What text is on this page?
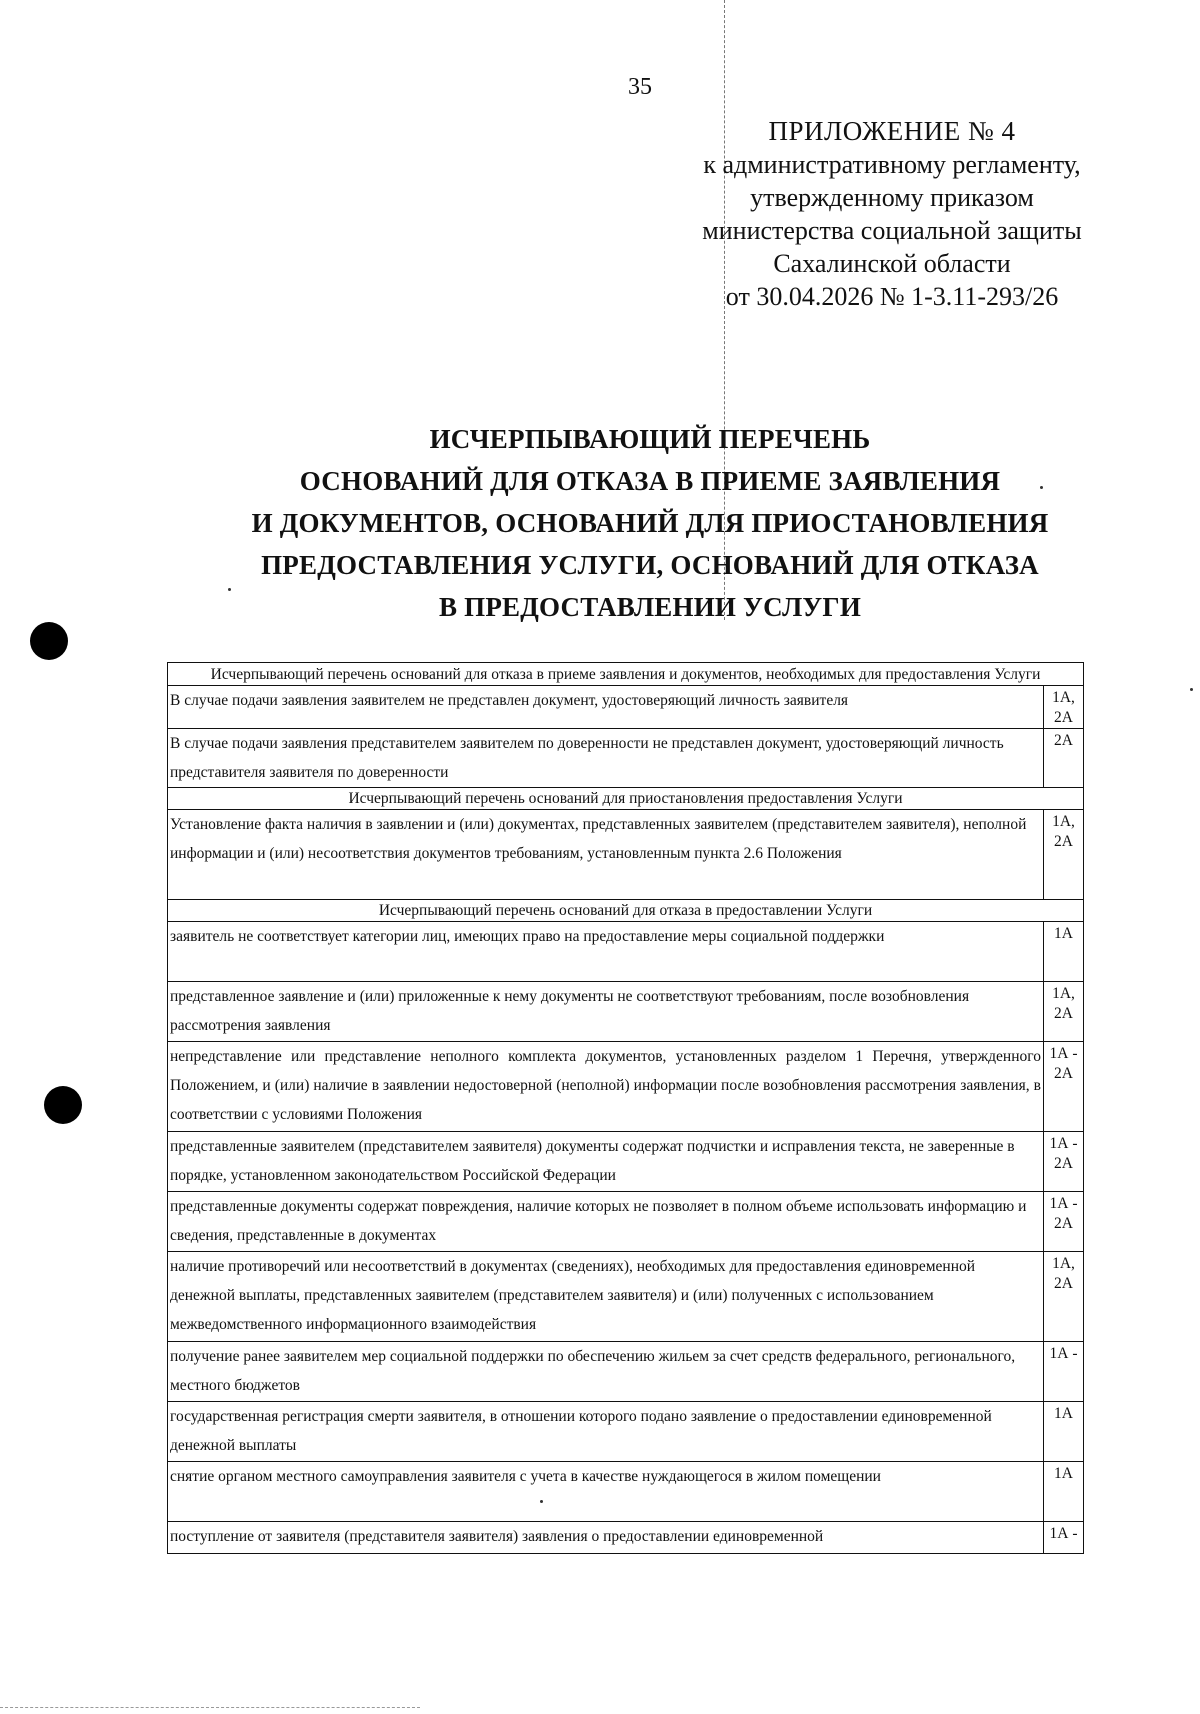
35
ПРИЛОЖЕНИЕ № 4
к административному регламенту,
утвержденному приказом
министерства социальной защиты
Сахалинской области
от 30.04.2026 № 1-3.11-293/26
ИСЧЕРПЫВАЮЩИЙ ПЕРЕЧЕНЬ
ОСНОВАНИЙ ДЛЯ ОТКАЗА В ПРИЕМЕ ЗАЯВЛЕНИЯ
И ДОКУМЕНТОВ, ОСНОВАНИЙ ДЛЯ ПРИОСТАНОВЛЕНИЯ
ПРЕДОСТАВЛЕНИЯ УСЛУГИ, ОСНОВАНИЙ ДЛЯ ОТКАЗА
В ПРЕДОСТАВЛЕНИИ УСЛУГИ
Исчерпывающий перечень оснований для отказа в приеме заявления и документов, необходимых для предоставления Услуги	
В случае подачи заявления заявителем не представлен документ, удостоверяющий личность заявителя	1А, 2А
В случае подачи заявления представителем заявителем по доверенности не представлен документ, удостоверяющий личность представителя заявителя по доверенности	2А
Исчерпывающий перечень оснований для приостановления предоставления Услуги	
Установление факта наличия в заявлении и (или) документах, представленных заявителем (представителем заявителя), неполной информации и (или) несоответствия документов требованиям, установленным пункта 2.6 Положения	1А, 2А
Исчерпывающий перечень оснований для отказа в предоставлении Услуги	
заявитель не соответствует категории лиц, имеющих право на предоставление меры социальной поддержки	1А
представленное заявление и (или) приложенные к нему документы не соответствуют требованиям, после возобновления рассмотрения заявления	1А, 2А
непредставление или представление неполного комплекта документов, установленных разделом 1 Перечня, утвержденного Положением, и (или) наличие в заявлении недостоверной (неполной) информации после возобновления рассмотрения заявления, в соответствии с условиями Положения	1А - 2А
представленные заявителем (представителем заявителя) документы содержат подчистки и исправления текста, не заверенные в порядке, установленном законодательством Российской Федерации	1А - 2А
представленные документы содержат повреждения, наличие которых не позволяет в полном объеме использовать информацию и сведения, представленные в документах	1А - 2А
наличие противоречий или несоответствий в документах (сведениях), необходимых для предоставления единовременной денежной выплаты, представленных заявителем (представителем заявителя) и (или) полученных с использованием межведомственного информационного взаимодействия	1А, 2А
получение ранее заявителем мер социальной поддержки по обеспечению жильем за счет средств федерального, регионального, местного бюджетов	1А -
государственная регистрация смерти заявителя, в отношении которого подано заявление о предоставлении единовременной денежной выплаты	1А
снятие органом местного самоуправления заявителя с учета в качестве нуждающегося в жилом помещении	1А
поступление от заявителя (представителя заявителя) заявления о предоставлении единовременной	1А -
